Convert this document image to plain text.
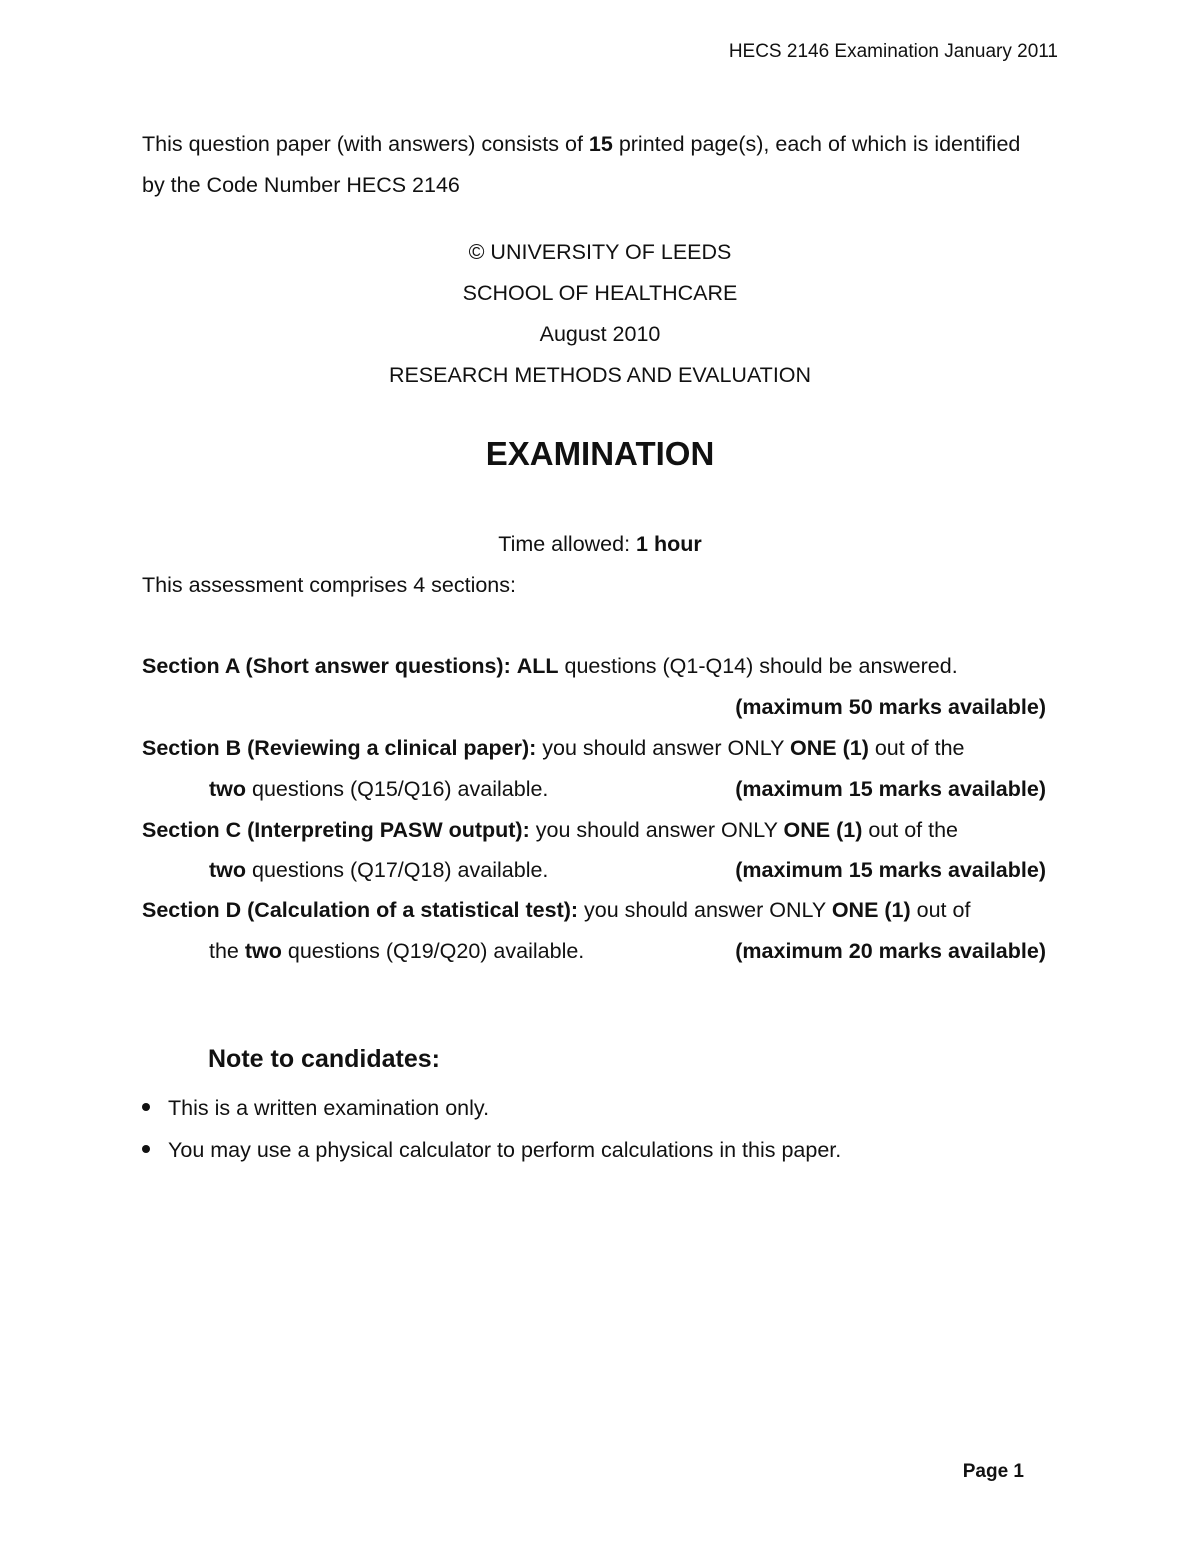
HECS 2146 Examination January 2011
This question paper (with answers) consists of 15 printed page(s), each of which is identified by the Code Number HECS 2146
© UNIVERSITY OF LEEDS
SCHOOL OF HEALTHCARE
August 2010
RESEARCH METHODS AND EVALUATION
EXAMINATION
Time allowed: 1 hour
This assessment comprises 4 sections:
Section A (Short answer questions): ALL questions (Q1-Q14) should be answered.
(maximum 50 marks available)
Section B (Reviewing a clinical paper): you should answer ONLY ONE (1) out of the
two questions (Q15/Q16) available.	(maximum 15 marks available)
Section C (Interpreting PASW output): you should answer ONLY ONE (1) out of the
two questions (Q17/Q18) available.	(maximum 15 marks available)
Section D (Calculation of a statistical test): you should answer ONLY ONE (1) out of
the two questions (Q19/Q20) available.	(maximum 20 marks available)
Note to candidates:
This is a written examination only.
You may use a physical calculator to perform calculations in this paper.
Page 1
